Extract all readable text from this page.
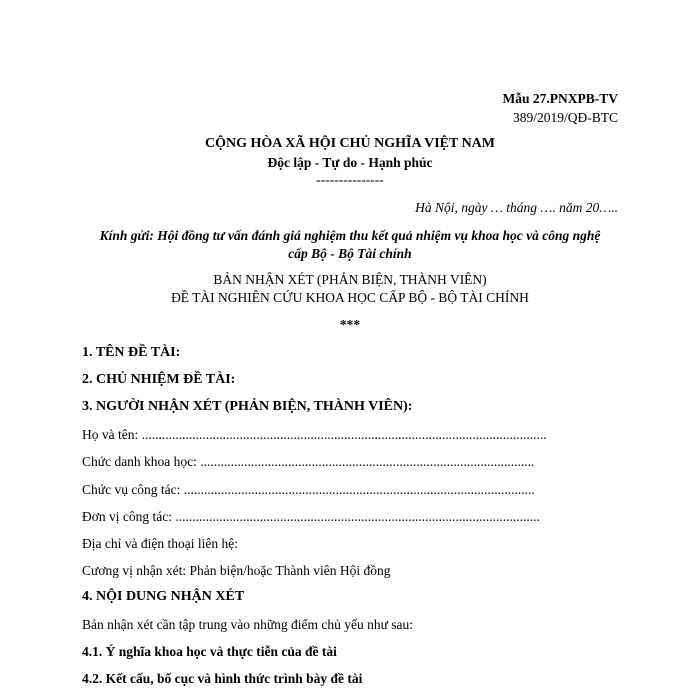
Mẫu 27.PNXPB-TV
389/2019/QĐ-BTC
CỘNG HÒA XÃ HỘI CHỦ NGHĨA VIỆT NAM
Độc lập - Tự do - Hạnh phúc
---------------
Hà Nội, ngày … tháng …. năm 20…..
Kính gửi: Hội đồng tư vấn đánh giá nghiệm thu kết quả nhiệm vụ khoa học và công nghệ
cấp Bộ - Bộ Tài chính
BẢN NHẬN XÉT (PHẢN BIỆN, THÀNH VIÊN)
ĐỀ TÀI NGHIÊN CỨU KHOA HỌC CẤP BỘ - BỘ TÀI CHÍNH
***
1. TÊN ĐỀ TÀI:
2. CHỦ NHIỆM ĐỀ TÀI:
3. NGƯỜI NHẬN XÉT (PHẢN BIỆN, THÀNH VIÊN):
Họ và tên: ........................................................................................................................
Chức danh khoa học: ...................................................................................................
Chức vụ công tác: ........................................................................................................
Đơn vị công tác: ............................................................................................................
Địa chỉ và điện thoại liên hệ:
Cương vị nhận xét: Phản biện/hoặc Thành viên Hội đồng
4. NỘI DUNG NHẬN XÉT
Bản nhận xét cần tập trung vào những điểm chủ yếu như sau:
4.1. Ý nghĩa khoa học và thực tiễn của đề tài
4.2. Kết cấu, bố cục và hình thức trình bày đề tài
